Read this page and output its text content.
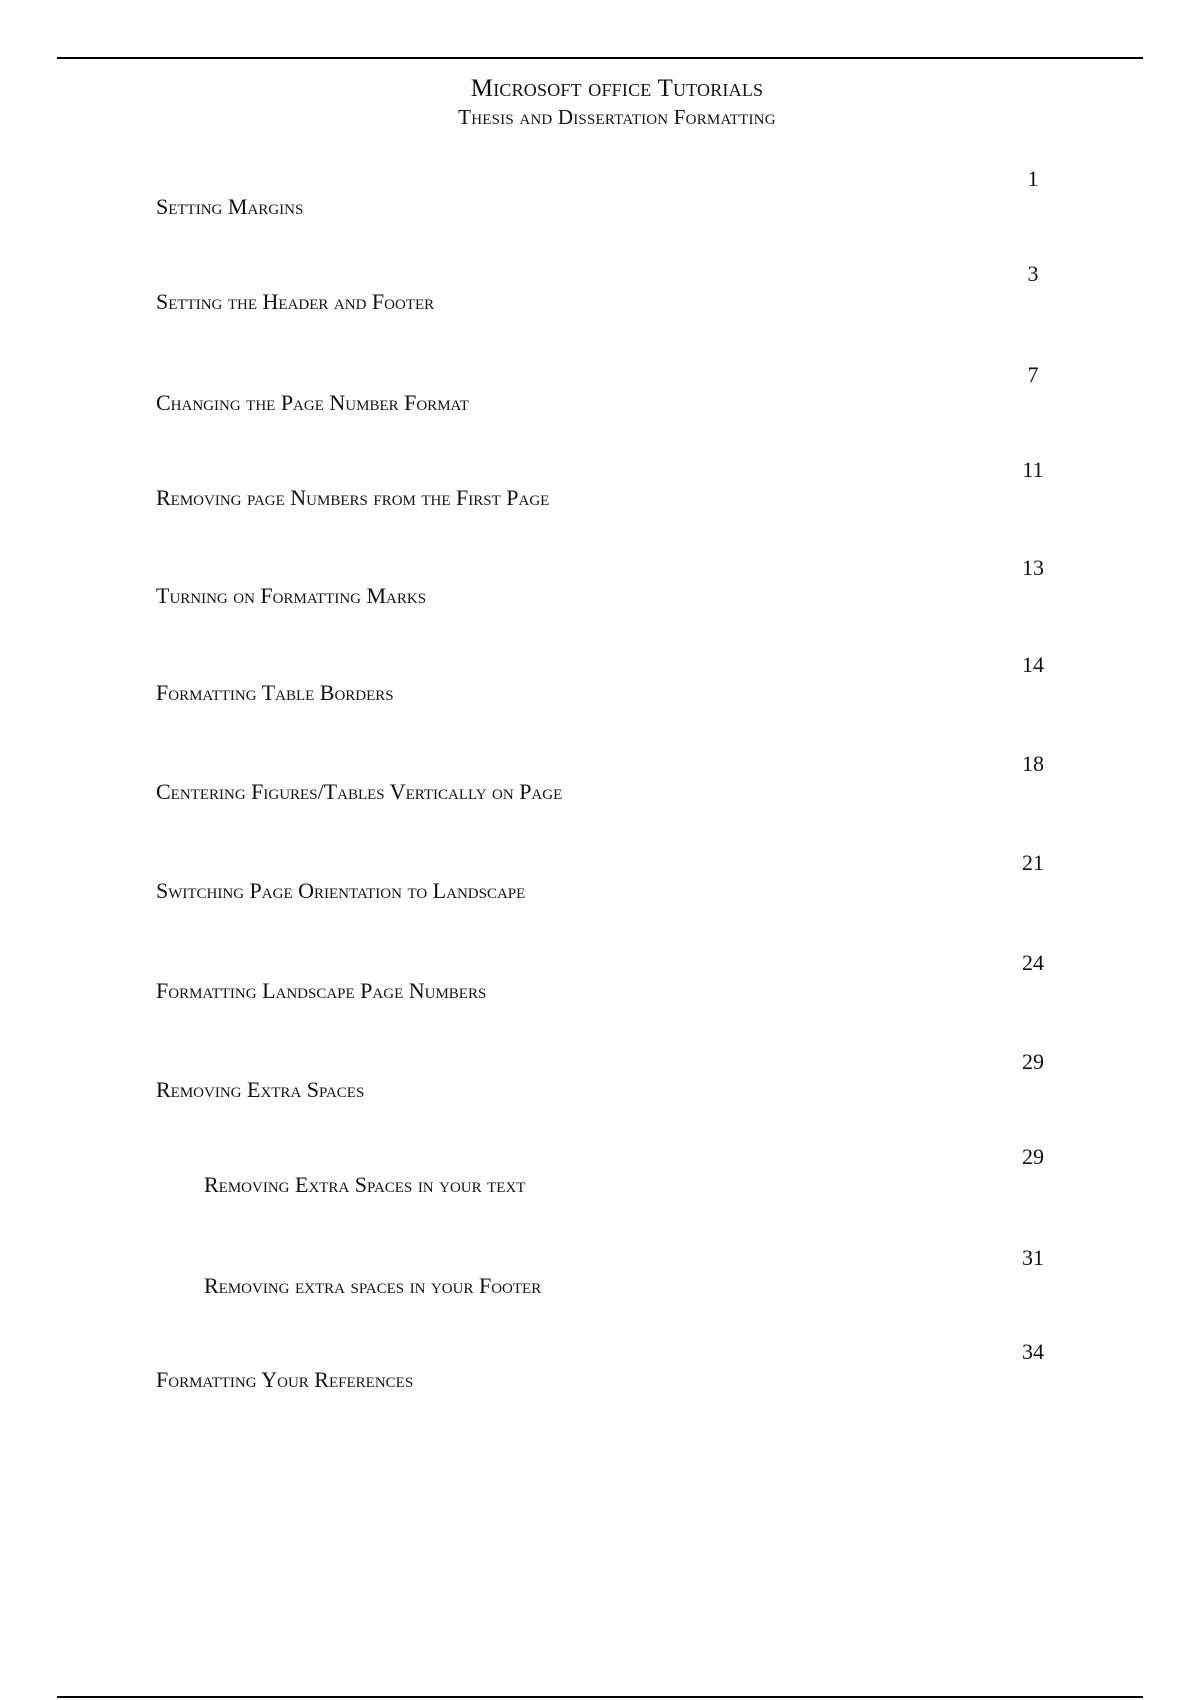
Microsoft office Tutorials
Thesis and Dissertation Formatting
1
Setting Margins
3
Setting the Header and Footer
7
Changing the Page Number Format
11
Removing page Numbers from the First Page
13
Turning on Formatting Marks
14
Formatting Table Borders
18
Centering Figures/Tables Vertically on Page
21
Switching Page Orientation to Landscape
24
Formatting Landscape Page Numbers
29
Removing Extra Spaces
29
Removing Extra Spaces in your text
31
Removing extra spaces in your Footer
34
Formatting Your References
